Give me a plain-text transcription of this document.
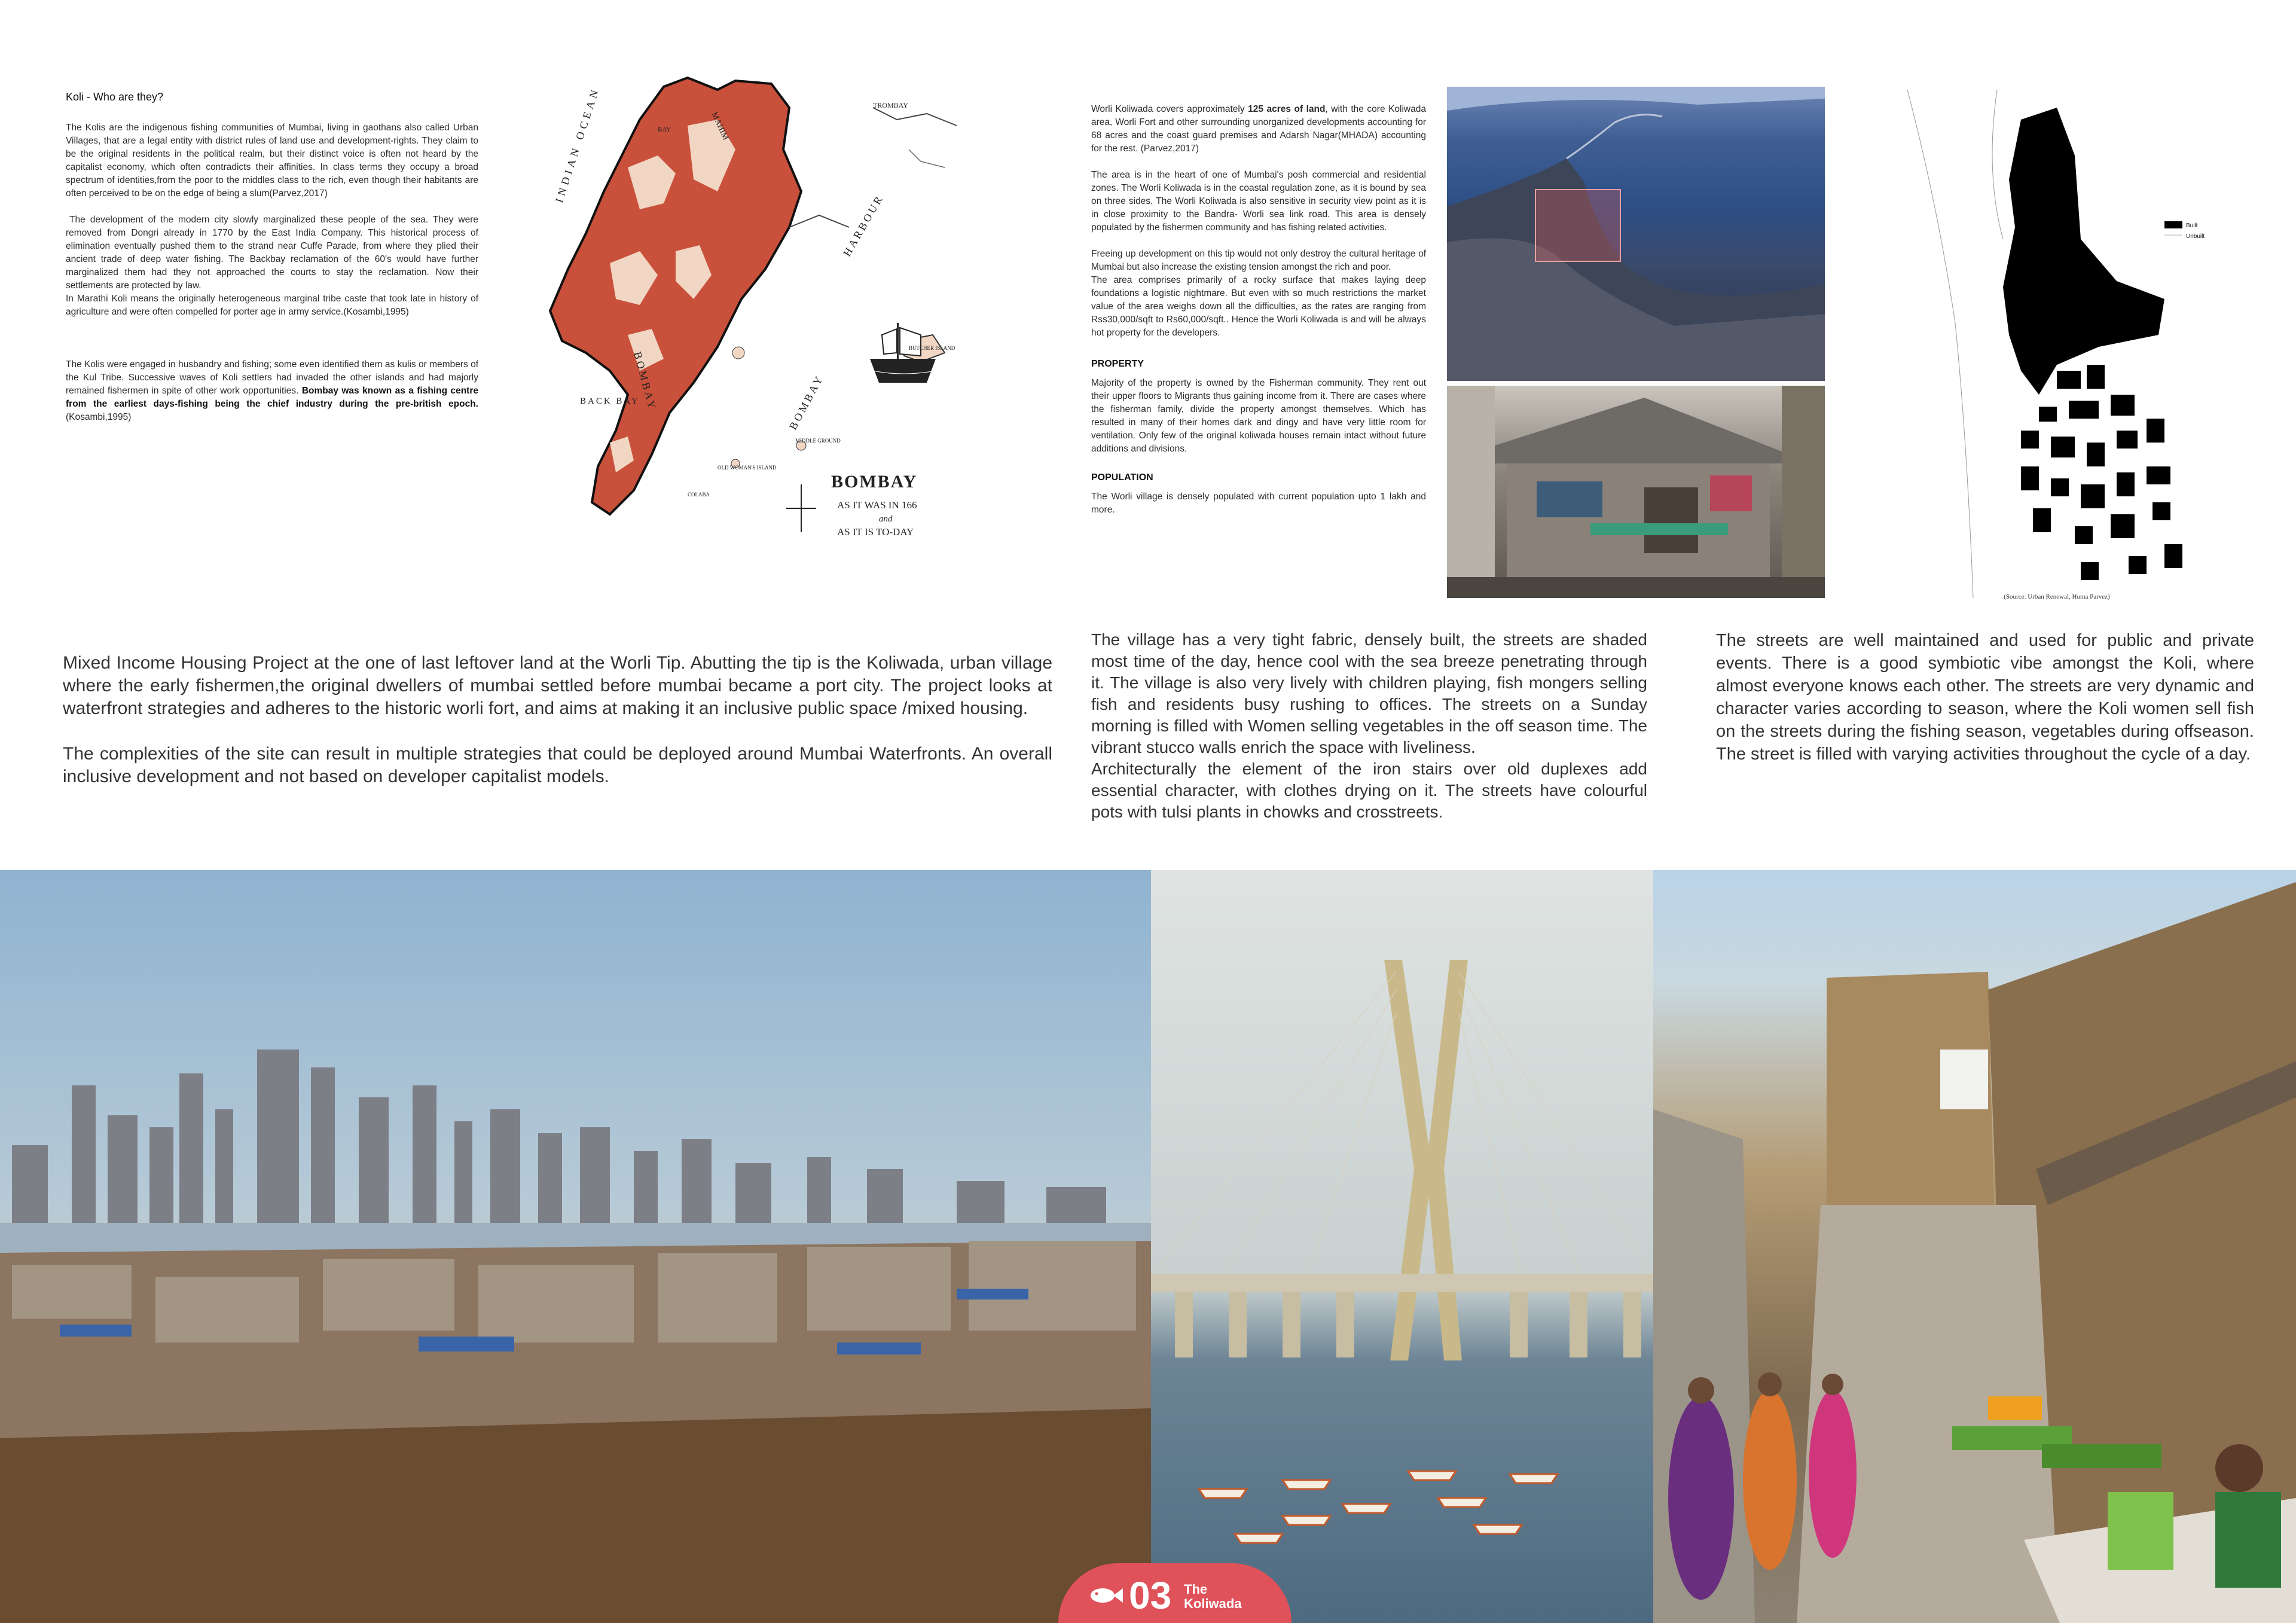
Koli - Who are they?

The Kolis are the indigenous fishing communities of Mumbai, living in gaothans also called Urban Villages, that are a legal entity with district rules of land use and development-rights. They claim to be the original residents in the political realm, but their distinct voice is often not heard by the capitalist economy, which often contradicts their affinities. In class terms they occupy a broad spectrum of identities,from the poor to the middles class to the rich, even though their habitants are often perceived to be on the edge of being a slum(Parvez,2017)

The development of the modern city slowly marginalized these people of the sea. They were removed from Dongri already in 1770 by the East India Company. This historical process of elimination eventually pushed them to the strand near Cuffe Parade, from where they plied their ancient trade of deep water fishing. The Backbay reclamation of the 60's would have further marginalized them had they not approached the courts to stay the reclamation. Now their settlements are protected by law.

In Marathi Koli means the originally heterogeneous marginal tribe caste that took late in history of agriculture and were often compelled for porter age in army service.(Kosambi,1995)

The Kolis were engaged in husbandry and fishing; some even identified them as kulis or members of the Kul Tribe. Successive waves of Koli settlers had invaded the other islands and had majorly remained fishermen in spite of other work opportunities. Bombay was known as a fishing centre from the earliest days-fishing being the chief industry during the pre-british epoch.(Kosambi,1995)

BAY	MAHIM
TROMBAY
INDIAN OCEAN
BOMBAY
HARBOUR
BUTCHER ISLAND
BACK BAY
OLD WOMAN'S ISLAND
MIDDLE GROUND
COLABA
BOMBAY
BOMBAY
AS IT WAS IN 166
and
AS IT IS TO-DAY

Worli Koliwada covers approximately 125 acres of land, with the core Koliwada area, Worli Fort and other surrounding unorganized developments accounting for 68 acres and the coast guard premises and Adarsh Nagar(MHADA) accounting for the rest. (Parvez,2017)

The area is in the heart of one of Mumbai's posh commercial and residential zones. The Worli Koliwada is in the coastal regulation zone, as it is bound by sea on three sides. The Worli Koliwada is also sensitive in security view point as it is in close proximity to the Bandra- Worli sea link road. This area is densely populated by the fishermen community and has fishing related activities.

Freeing up development on this tip would not only destroy the cultural heritage of Mumbai but also increase the existing tension amongst the rich and poor.

The area comprises primarily of a rocky surface that makes laying deep foundations a logistic nightmare. But even with so much restrictions the market value of the area weighs down all the difficulties, as the rates are ranging from Rss30,000/sqft to Rs60,000/sqft.. Hence the Worli Koliwada is and will be always hot property for the developers.

PROPERTY

Majority of the property is owned by the Fisherman community. They rent out their upper floors to Migrants thus gaining income from it. There are cases where the fisherman family, divide the property amongst themselves. Which has resulted in many of their homes dark and dingy and have very little room for ventilation. Only few of the original koliwada houses remain intact without future additions and divisions.

POPULATION

The Worli village is densely populated with current population upto 1 lakh and more.

Built
Unbuilt
(Source: Urban Renewal, Huma Parvez)

Mixed Income Housing Project at the one of last leftover land at the Worli Tip. Abutting the tip is the Koliwada, urban village where the early fishermen,the original dwellers of mumbai settled before mumbai became a port city. The project looks at waterfront strategies and adheres to the historic worli fort, and aims at making it an inclusive public space /mixed housing.

The complexities of the site can result in multiple strategies that could be deployed around Mumbai Waterfronts. An overall inclusive development and not based on developer capitalist models.

The village has a very tight fabric, densely built, the streets are shaded most time of the day, hence cool with the sea breeze penetrating through it. The village is also very lively with children playing, fish mongers selling fish and residents busy rushing to offices. The streets on a Sunday morning is filled with Women selling vegetables in the off season time. The vibrant stucco walls enrich the space with liveliness.

Architecturally the element of the iron stairs over old duplexes add essential character, with clothes drying on it. The streets have colourful pots with tulsi plants in chowks and crosstreets.

The streets are well maintained and used for public and private events. There is a good symbiotic vibe amongst the Koli, where almost everyone knows each other. The streets are very dynamic and character varies according to season, where the Koli women sell fish on the streets during the fishing season, vegetables during offseason. The street is filled with varying activities throughout the cycle of a day.

03 The
Koliwada
